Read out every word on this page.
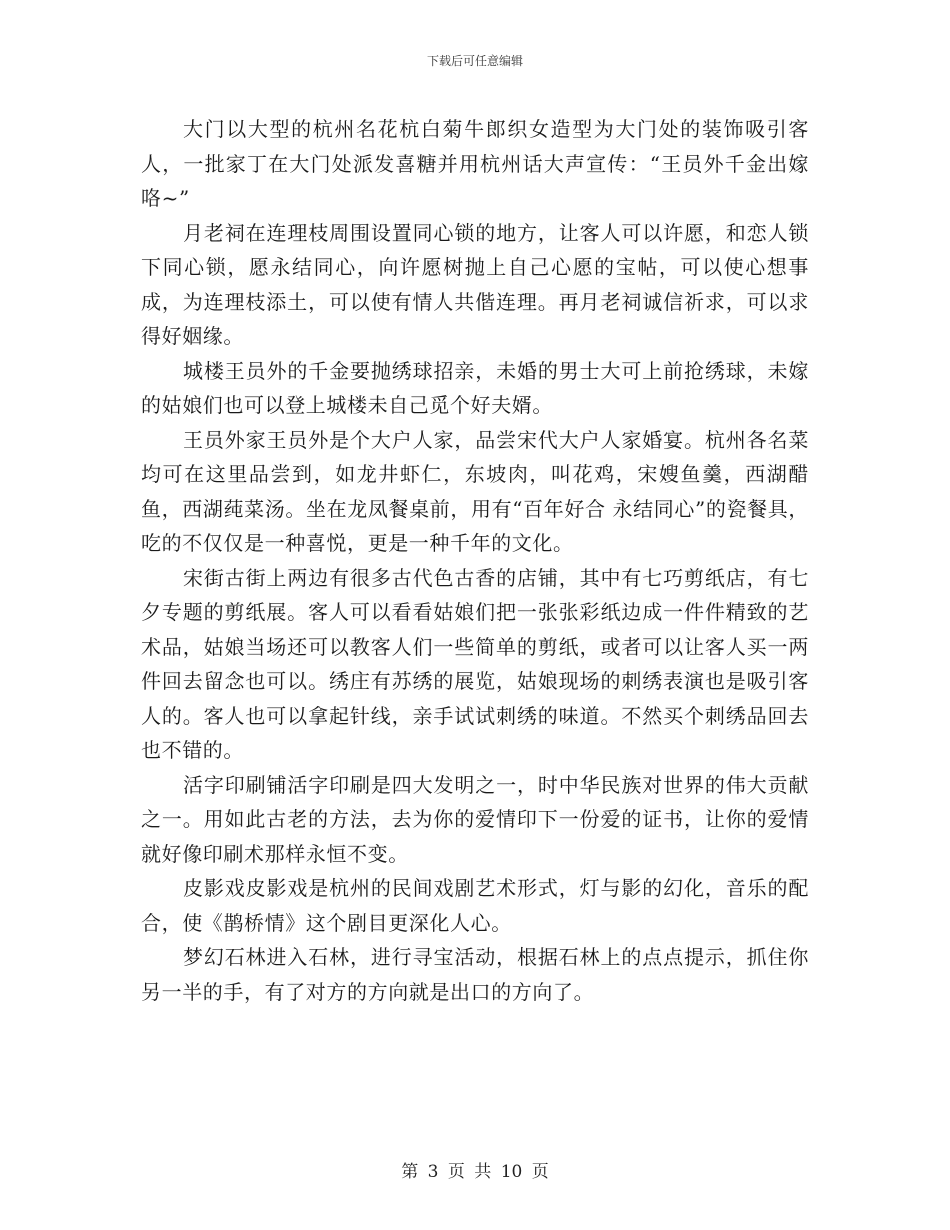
下载后可任意编辑

大门以大型的杭州名花杭白菊牛郎织女造型为大门处的装饰吸引客人，一批家丁在大门处派发喜糖并用杭州话大声宣传：“王员外千金出嫁咯~”

月老祠在连理枝周围设置同心锁的地方，让客人可以许愿，和恋人锁下同心锁，愿永结同心，向许愿树抛上自己心愿的宝帖，可以使心想事成，为连理枝添土，可以使有情人共偕连理。再月老祠诚信祈求，可以求得好姻缘。

城楼王员外的千金要抛绣球招亲，未婚的男士大可上前抢绣球，未嫁的姑娘们也可以登上城楼未自己觅个好夫婿。

王员外家王员外是个大户人家，品尝宋代大户人家婚宴。杭州各名菜均可在这里品尝到，如龙井虾仁，东坡肉，叫花鸡，宋嫂鱼羹，西湖醋鱼，西湖莼菜汤。坐在龙凤餐桌前，用有“百年好合 永结同心”的瓷餐具，吃的不仅仅是一种喜悦，更是一种千年的文化。

宋街古街上两边有很多古代色古香的店铺，其中有七巧剪纸店，有七夕专题的剪纸展。客人可以看看姑娘们把一张张彩纸边成一件件精致的艺术品，姑娘当场还可以教客人们一些简单的剪纸，或者可以让客人买一两件回去留念也可以。绣庄有苏绣的展览，姑娘现场的刺绣表演也是吸引客人的。客人也可以拿起针线，亲手试试刺绣的味道。不然买个刺绣品回去也不错的。

活字印刷铺活字印刷是四大发明之一，时中华民族对世界的伟大贡献之一。用如此古老的方法，去为你的爱情印下一份爱的证书，让你的爱情就好像印刷术那样永恒不变。

皮影戏皮影戏是杭州的民间戏剧艺术形式，灯与影的幻化，音乐的配合，使《鹊桥情》这个剧目更深化人心。

梦幻石林进入石林，进行寻宝活动，根据石林上的点点提示，抓住你另一半的手，有了对方的方向就是出口的方向了。

第 3 页 共 10 页
